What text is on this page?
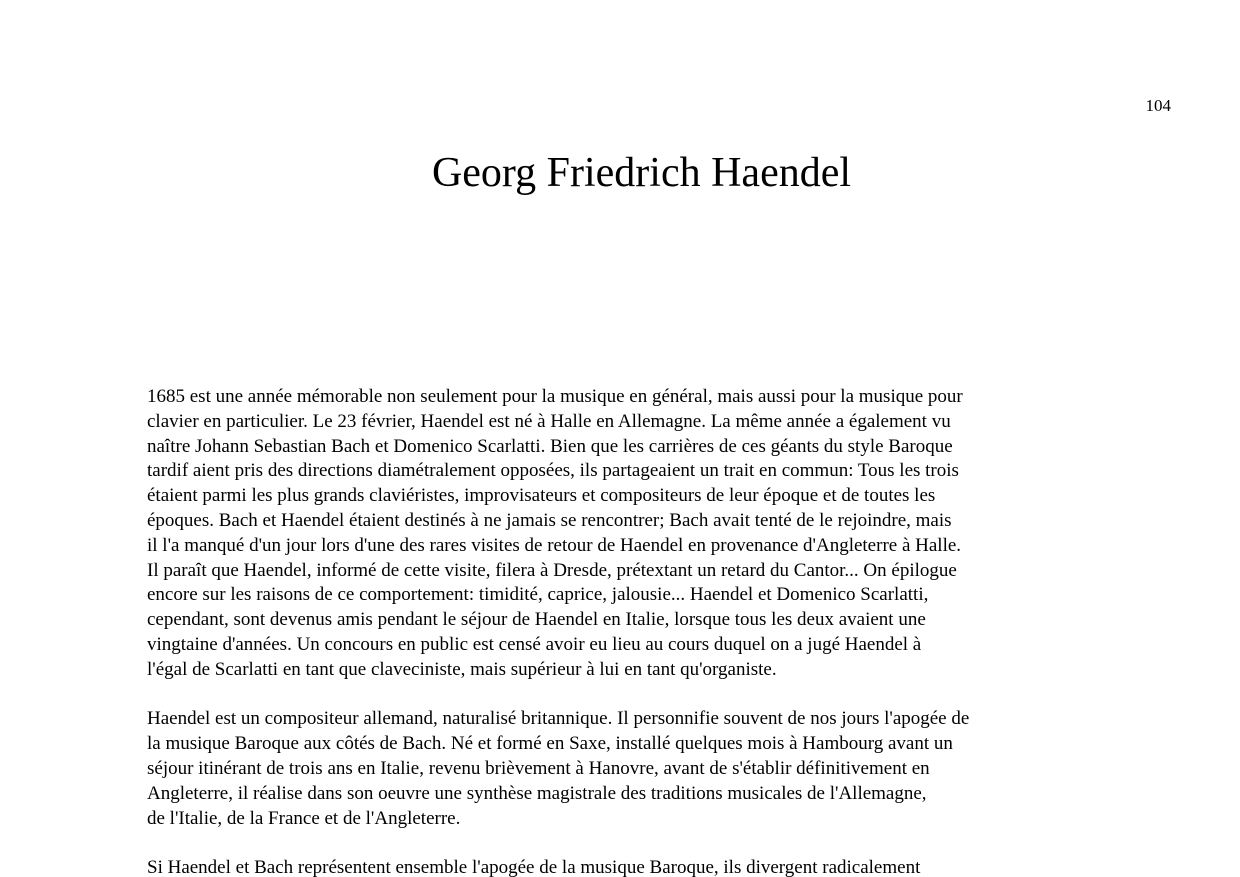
104
Georg Friedrich Haendel

1685 est une année mémorable non seulement pour la musique en général, mais aussi pour la musique pour
clavier en particulier. Le 23 février, Haendel est né à Halle en Allemagne. La même année a également vu
naître Johann Sebastian Bach et Domenico Scarlatti. Bien que les carrières de ces géants du style Baroque
tardif aient pris des directions diamétralement opposées, ils partageaient un trait en commun: Tous les trois
étaient parmi les plus grands claviéristes, improvisateurs et compositeurs de leur époque et de toutes les
époques. Bach et Haendel étaient destinés à ne jamais se rencontrer; Bach avait tenté de le rejoindre, mais
il l'a manqué d'un jour lors d'une des rares visites de retour de Haendel en provenance d'Angleterre à Halle.
Il paraît que Haendel, informé de cette visite, filera à Dresde, prétextant un retard du Cantor... On épilogue
encore sur les raisons de ce comportement: timidité, caprice, jalousie... Haendel et Domenico Scarlatti,
cependant, sont devenus amis pendant le séjour de Haendel en Italie, lorsque tous les deux avaient une
vingtaine d'années. Un concours en public est censé avoir eu lieu au cours duquel on a jugé Haendel à
l'égal de Scarlatti en tant que claveciniste, mais supérieur à lui en tant qu'organiste.

Haendel est un compositeur allemand, naturalisé britannique. Il personnifie souvent de nos jours l'apogée de
la musique Baroque aux côtés de Bach. Né et formé en Saxe, installé quelques mois à Hambourg avant un
séjour itinérant de trois ans en Italie, revenu brièvement à Hanovre, avant de s'établir définitivement en
Angleterre, il réalise dans son oeuvre une synthèse magistrale des traditions musicales de l'Allemagne,
de l'Italie, de la France et de l'Angleterre.

Si Haendel et Bach représentent ensemble l'apogée de la musique Baroque, ils divergent radicalement
